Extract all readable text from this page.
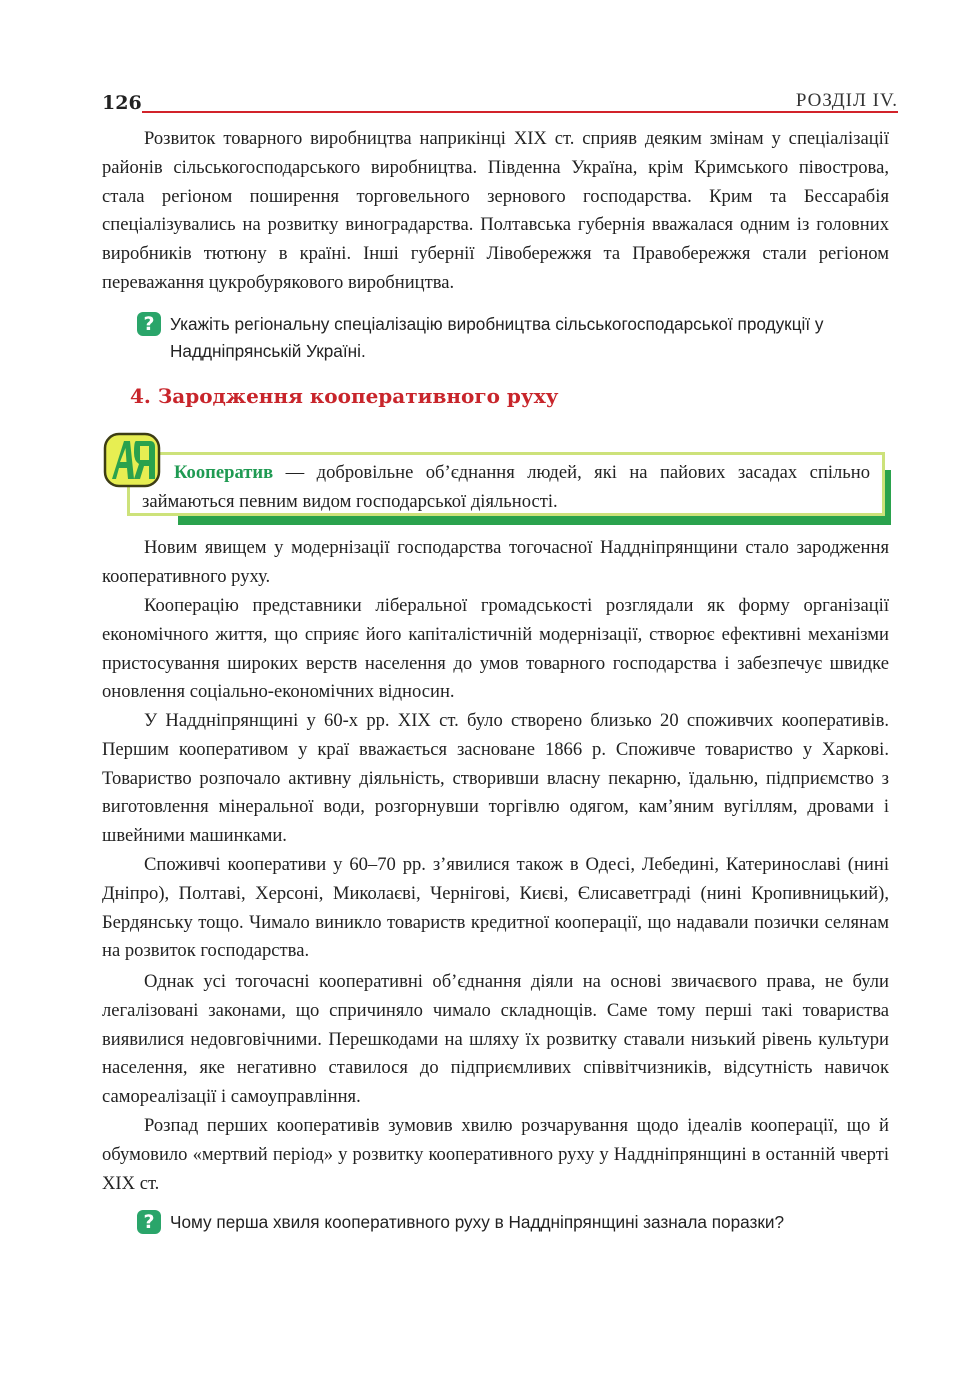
126	РОЗДІЛ IV.

Розвиток товарного виробництва наприкінці XIX ст. сприяв деяким змінам у спеціалізації районів сільськогосподарського виробництва. Південна Україна, крім Кримського півострова, стала регіоном поширення торговельного зернового господарства. Крим та Бессарабія спеціалізувались на розвитку виноградарства. Полтавська губернія вважалася одним із головних виробників тютюну в країні. Інші губернії Лівобережжя та Правобережжя стали регіоном переважання цукробурякового виробництва.

? Укажіть регіональну спеціалізацію виробництва сільськогосподарської продукції у Наддніпрянській Україні.

4. Зародження кооперативного руху

Кооператив — добровільне об’єднання людей, які на пайових засадах спільно займаються певним видом господарської діяльності.

Новим явищем у модернізації господарства тогочасної Наддніпрянщини стало зародження кооперативного руху.

Кооперацію представники ліберальної громадськості розглядали як форму організації економічного життя, що сприяє його капіталістичній модернізації, створює ефективні механізми пристосування широких верств населення до умов товарного господарства і забезпечує швидке оновлення соціально-економічних відносин.

У Наддніпрянщині у 60-х рр. XIX ст. було створено близько 20 споживчих кооперативів. Першим кооперативом у краї вважається засноване 1866 р. Споживче товариство у Харкові. Товариство розпочало активну діяльність, створивши власну пекарню, їдальню, підприємство з виготовлення мінеральної води, розгорнувши торгівлю одягом, кам’яним вугіллям, дровами і швейними машинками.

Споживчі кооперативи у 60–70 рр. з’явилися також в Одесі, Лебедині, Катеринославі (нині Дніпро), Полтаві, Херсоні, Миколаєві, Чернігові, Києві, Єлисаветграді (нині Кропивницький), Бердянську тощо. Чимало виникло товариств кредитної кооперації, що надавали позички селянам на розвиток господарства.

Однак усі тогочасні кооперативні об’єднання діяли на основі звичаєвого права, не були легалізовані законами, що спричиняло чимало складнощів. Саме тому перші такі товариства виявилися недовговічними. Перешкодами на шляху їх розвитку ставали низький рівень культури населення, яке негативно ставилося до підприємливих співвітчизників, відсутність навичок самореалізації і самоуправління.

Розпад перших кооперативів зумовив хвилю розчарування щодо ідеалів кооперації, що й обумовило «мертвий період» у розвитку кооперативного руху у Наддніпрянщині в останній чверті XIX ст.

? Чому перша хвиля кооперативного руху в Наддніпрянщині зазнала поразки?
